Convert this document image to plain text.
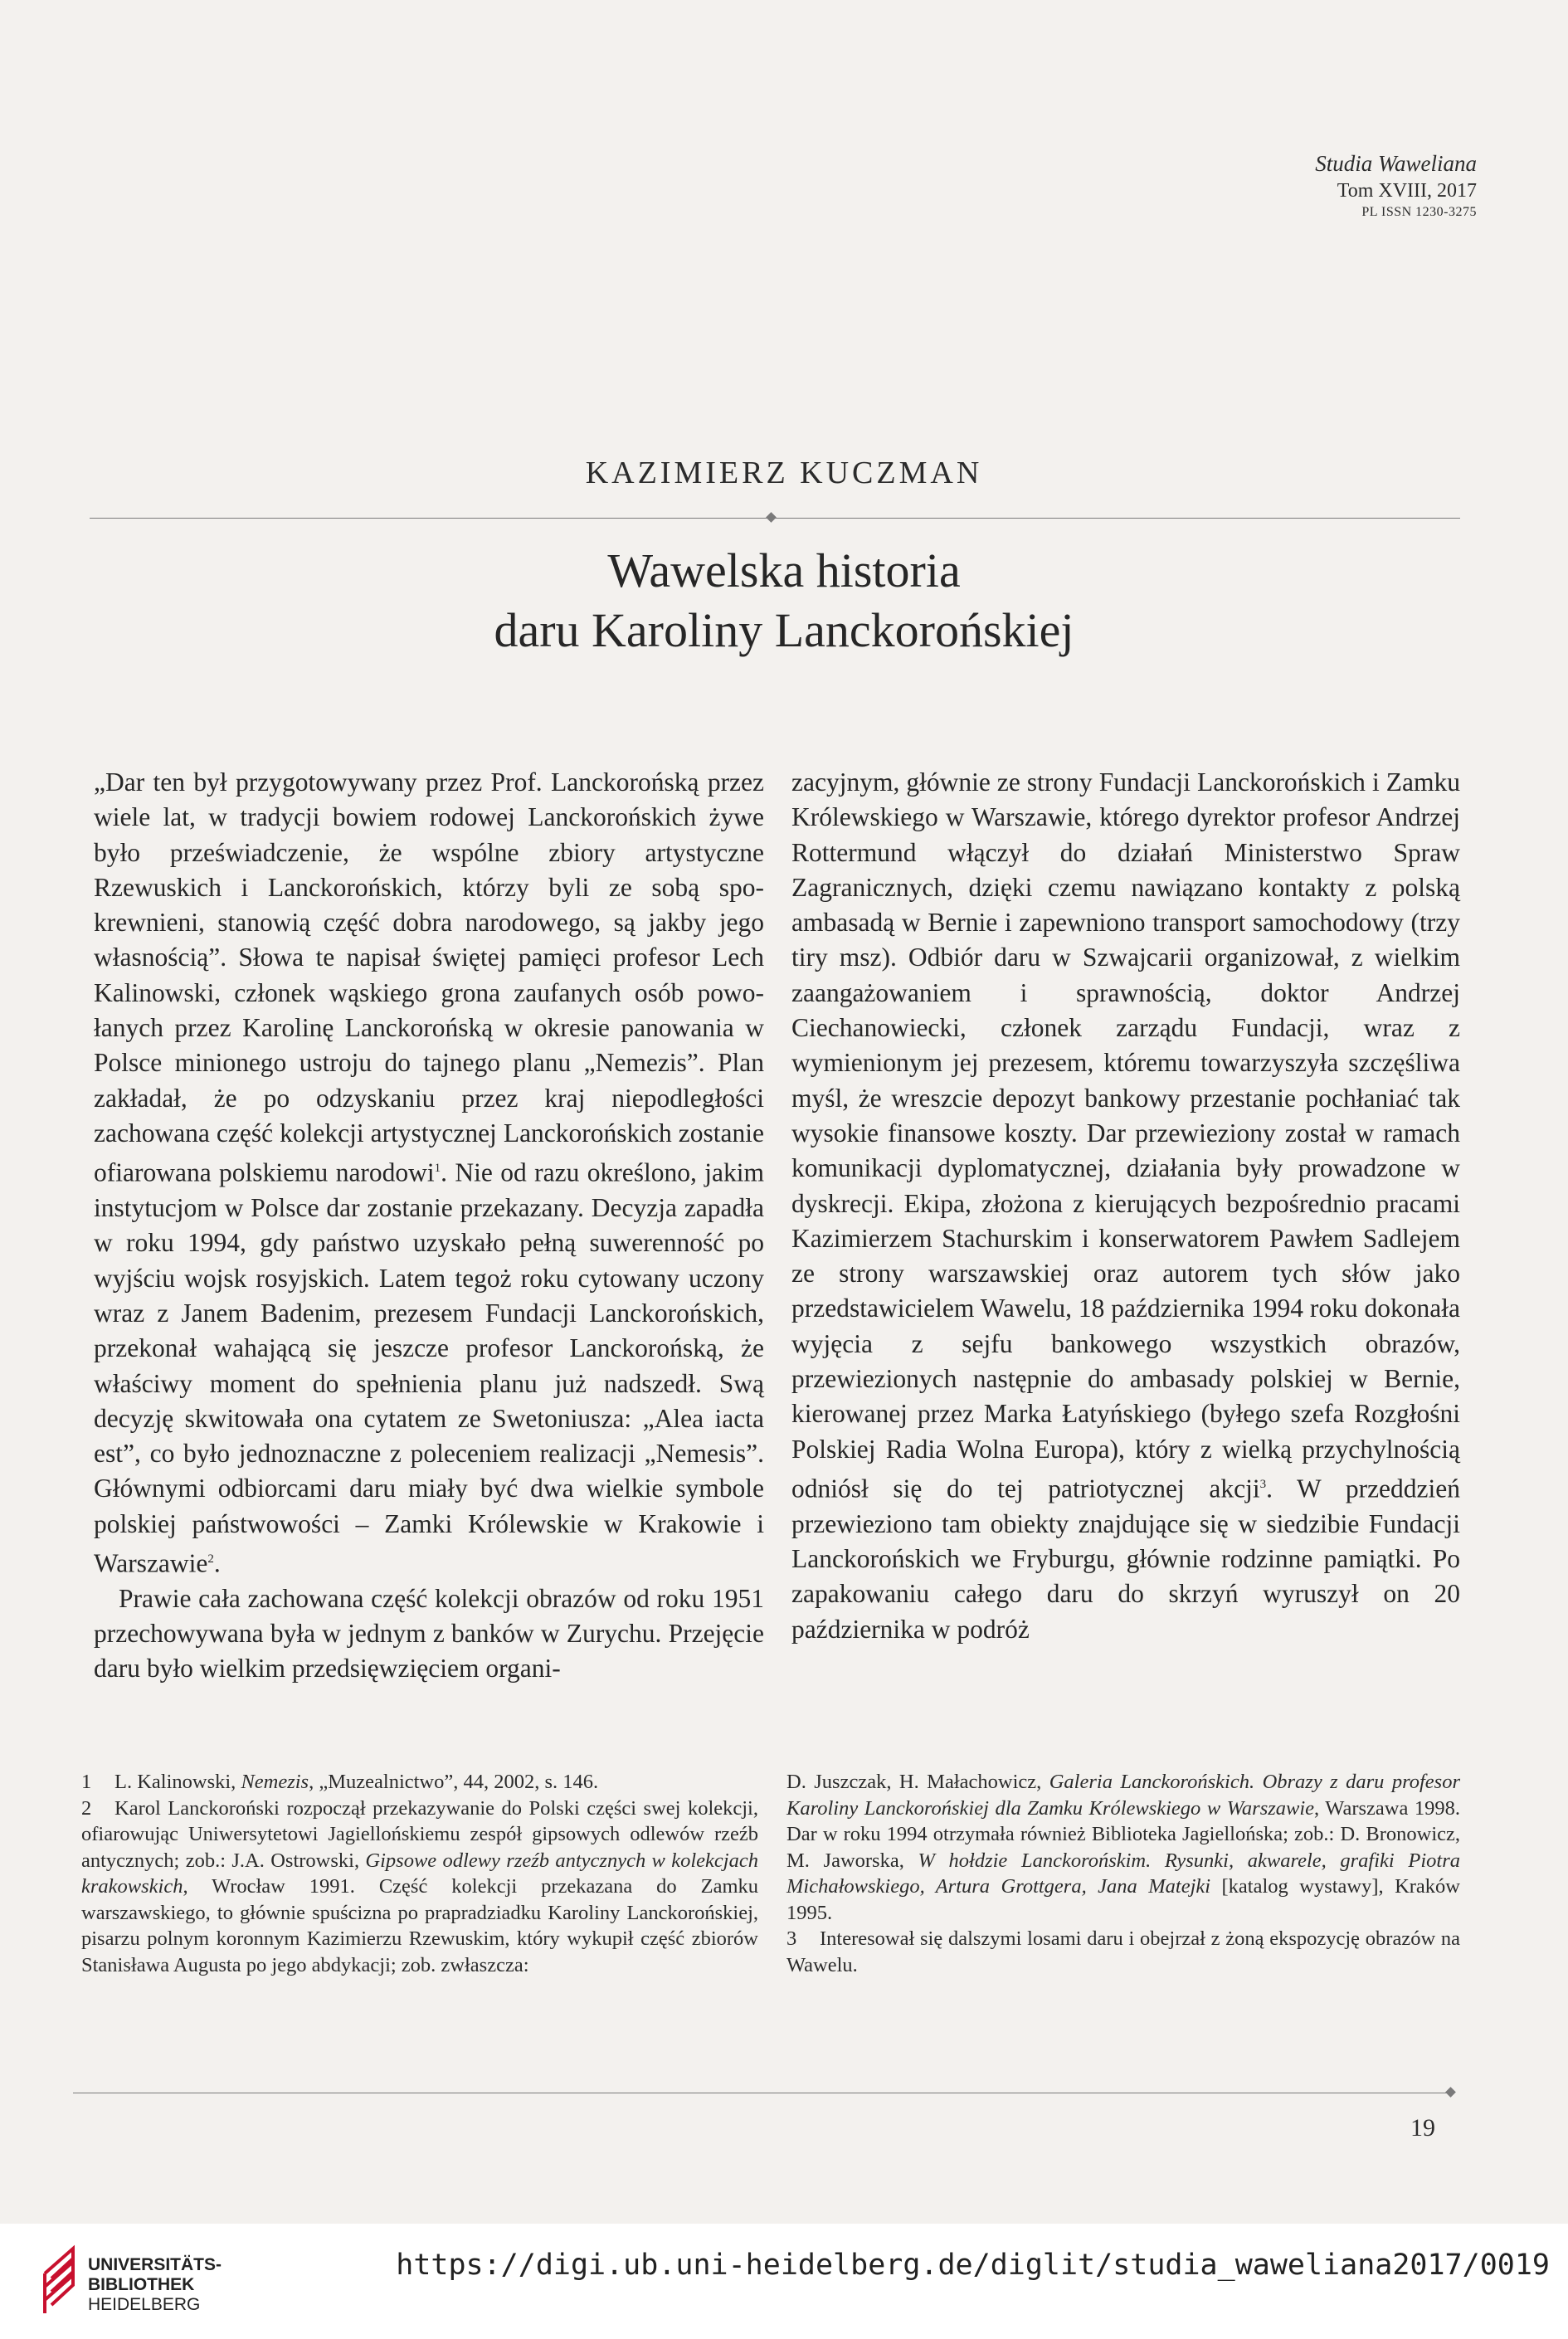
Studia Waweliana
Tom XVIII, 2017
PL ISSN 1230-3275
KAZIMIERZ KUCZMAN
Wawelska historia
daru Karoliny Lanckorońskiej

„Dar ten był przygotowywany przez Prof. Lanckorońską przez wiele lat, w tradycji bowiem rodowej Lanckorońskich żywe było przeświadczenie, że wspólne zbiory artystyczne Rzewuskich i Lanckorońskich, którzy byli ze sobą spokrewnieni, stanowią część dobra narodowego, są jakby jego własnością”. Słowa te napisał świętej pamięci profesor Lech Kalinowski, członek wąskiego grona zaufanych osób powołanych przez Karolinę Lanckorońską w okresie panowania w Polsce minionego ustroju do tajnego planu „Nemezis”. Plan zakładał, że po odzyskaniu przez kraj niepodległości zachowana część kolekcji artystycznej Lanckorońskich zostanie ofiarowana polskiemu narodowi$^1$. Nie od razu określono, jakim instytucjom w Polsce dar zostanie przekazany. Decyzja zapadła w roku 1994, gdy państwo uzyskało pełną suwerenność po wyjściu wojsk rosyjskich. Latem tegoż roku cytowany uczony wraz z Janem Badenim, prezesem Fundacji Lanckorońskich, przekonał wahającą się jeszcze profesor Lanckorońską, że właściwy moment do spełnienia planu już nadszedł. Swą decyzję skwitowała ona cytatem ze Swetoniusza: „Alea iacta est”, co było jednoznaczne z poleceniem realizacji „Nemesis”. Głównymi odbiorcami daru miały być dwa wielkie symbole polskiej państwowości – Zamki Królewskie w Krakowie i Warszawie$^2$.

Prawie cała zachowana część kolekcji obrazów od roku 1951 przechowywana była w jednym z banków w Zurychu. Przejęcie daru było wielkim przedsięwzięciem organi-

zacyjnym, głównie ze strony Fundacji Lanckorońskich i Zamku Królewskiego w Warszawie, którego dyrektor profesor Andrzej Rottermund włączył do działań Ministerstwo Spraw Zagranicznych, dzięki czemu nawiązano kontakty z polską ambasadą w Bernie i zapewniono transport samochodowy (trzy tiry msz). Odbiór daru w Szwajcarii organizował, z wielkim zaangażowaniem i sprawnością, doktor Andrzej Ciechanowiecki, członek zarządu Fundacji, wraz z wymienionym jej prezesem, któremu towarzyszyła szczęśliwa myśl, że wreszcie depozyt bankowy przestanie pochłaniać tak wysokie finansowe koszty. Dar przewieziony został w ramach komunikacji dyplomatycznej, działania były prowadzone w dyskrecji. Ekipa, złożona z kierujących bezpośrednio pracami Kazimierzem Stachurskim i konserwatorem Pawłem Sadlejem ze strony warszawskiej oraz autorem tych słów jako przedstawicielem Wawelu, 18 października 1994 roku dokonała wyjęcia z sejfu bankowego wszystkich obrazów, przewiezionych następnie do ambasady polskiej w Bernie, kierowanej przez Marka Łatyńskiego (byłego szefa Rozgłośni Polskiej Radia Wolna Europa), który z wielką przychylnością odniósł się do tej patriotycznej akcji$^3$. W przeddzień przewieziono tam obiekty znajdujące się w siedzibie Fundacji Lanckorońskich we Fryburgu, głównie rodzinne pamiątki. Po zapakowaniu całego daru do skrzyń wyruszył on 20 października w podróż

1 L. Kalinowski, Nemezis, „Muzealnictwo”, 44, 2002, s. 146.

2 Karol Lanckoroński rozpoczął przekazywanie do Polski części swej kolekcji, ofiarowując Uniwersytetowi Jagiellońskiemu zespół gipsowych odlewów rzeźb antycznych; zob.: J.A. Ostrowski, Gipsowe odlewy rzeźb antycznych w kolekcjach krakowskich, Wrocław 1991. Część kolekcji przekazana do Zamku warszawskiego, to głównie spuścizna po prapradziadku Karoliny Lanckorońskiej, pisarzu polnym koronnym Kazimierzu Rzewuskim, który wykupił część zbiorów Stanisława Augusta po jego abdykacji; zob. zwłaszcza:

D. Juszczak, H. Małachowicz, Galeria Lanckorońskich. Obrazy z daru profesor Karoliny Lanckorońskiej dla Zamku Królewskiego w Warszawie, Warszawa 1998. Dar w roku 1994 otrzymała również Biblioteka Jagiellońska; zob.: D. Bronowicz, M. Jaworska, W hołdzie Lanckorońskim. Rysunki, akwarele, grafiki Piotra Michałowskiego, Artura Grottgera, Jana Matejki [katalog wystawy], Kraków 1995.

3 Interesował się dalszymi losami daru i obejrzał z żoną ekspozycję obrazów na Wawelu.

19
UNIVERSITÄTS-
BIBLIOTHEK
HEIDELBERG
https://digi.ub.uni-heidelberg.de/diglit/studia_waweliana2017/0019
